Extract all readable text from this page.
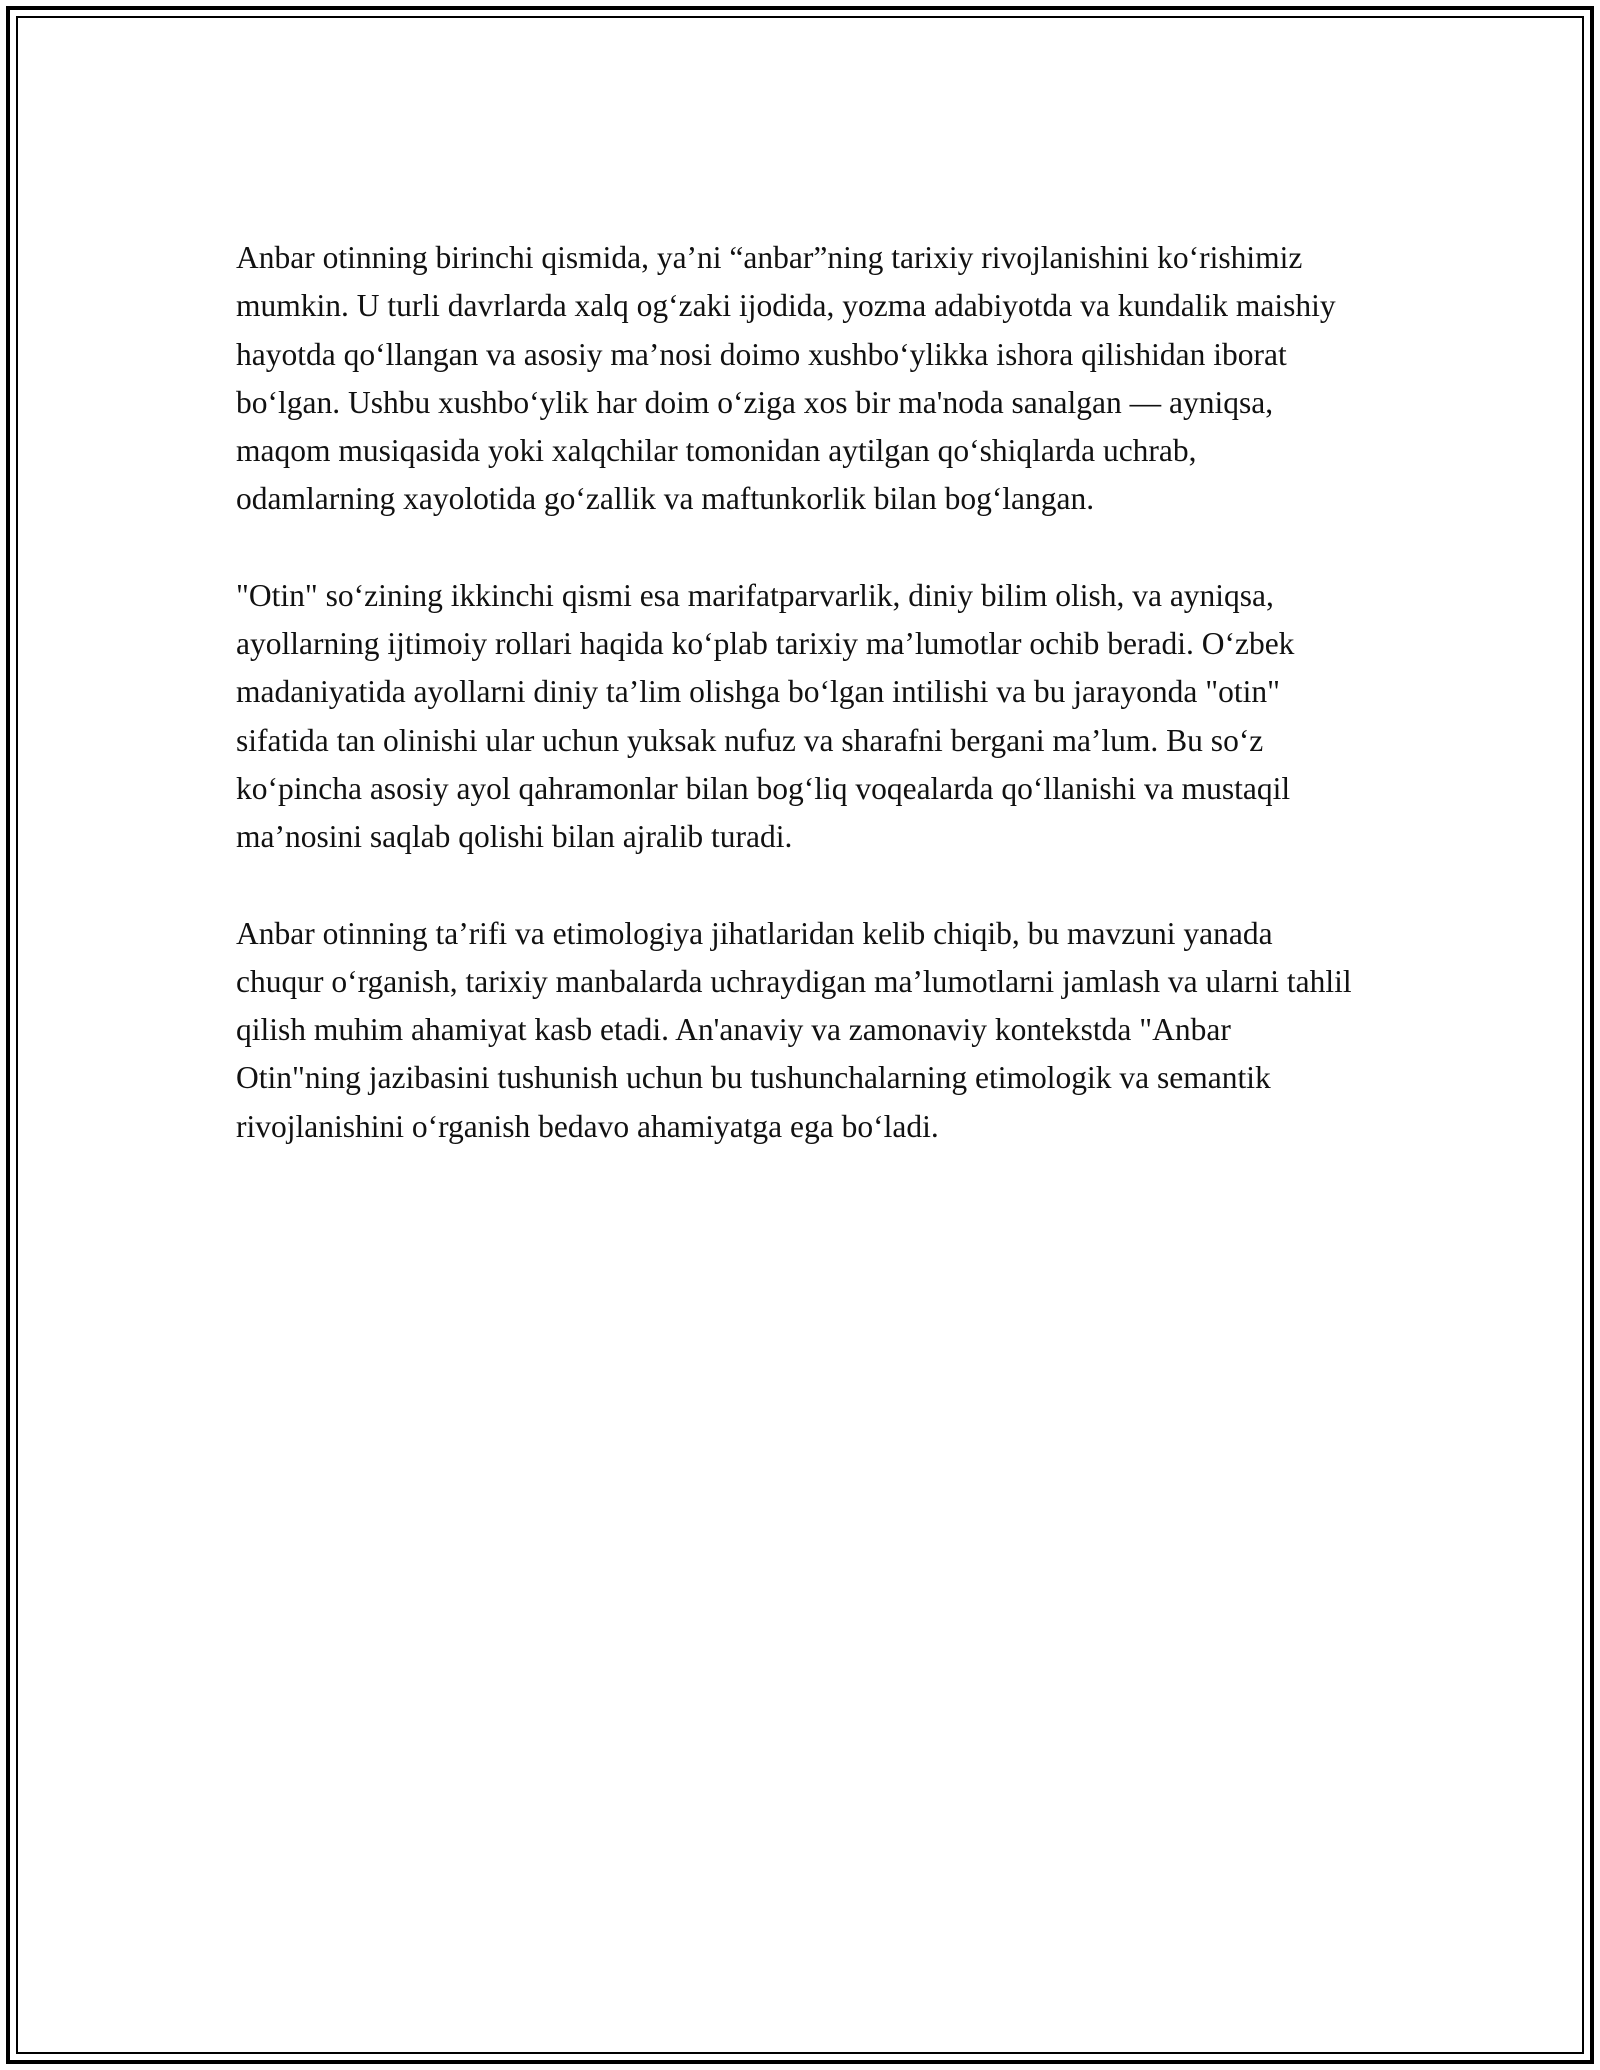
Anbar otinning birinchi qismida, ya’ni “anbar”ning tarixiy rivojlanishini ko‘rishimiz mumkin. U turli davrlarda xalq og‘zaki ijodida, yozma adabiyotda va kundalik maishiy hayotda qo‘llangan va asosiy ma’nosi doimo xushbo‘ylikka ishora qilishidan iborat bo‘lgan. Ushbu xushbo‘ylik har doim o‘ziga xos bir ma'noda sanalgan — ayniqsa, maqom musiqasida yoki xalqchilar tomonidan aytilgan qo‘shiqlarda uchrab, odamlarning xayolotida go‘zallik va maftunkorlik bilan bog‘langan.

"Otin" so‘zining ikkinchi qismi esa marifatparvarlik, diniy bilim olish, va ayniqsa, ayollarning ijtimoiy rollari haqida ko‘plab tarixiy ma’lumotlar ochib beradi. O‘zbek madaniyatida ayollarni diniy ta’lim olishga bo‘lgan intilishi va bu jarayonda "otin" sifatida tan olinishi ular uchun yuksak nufuz va sharafni bergani ma’lum. Bu so‘z ko‘pincha asosiy ayol qahramonlar bilan bog‘liq voqealarda qo‘llanishi va mustaqil ma’nosini saqlab qolishi bilan ajralib turadi.

Anbar otinning ta’rifi va etimologiya jihatlaridan kelib chiqib, bu mavzuni yanada chuqur o‘rganish, tarixiy manbalarda uchraydigan ma’lumotlarni jamlash va ularni tahlil qilish muhim ahamiyat kasb etadi. An'anaviy va zamonaviy kontekstda "Anbar Otin"ning jazibasini tushunish uchun bu tushunchalarning etimologik va semantik rivojlanishini o‘rganish bedavo ahamiyatga ega bo‘ladi.
